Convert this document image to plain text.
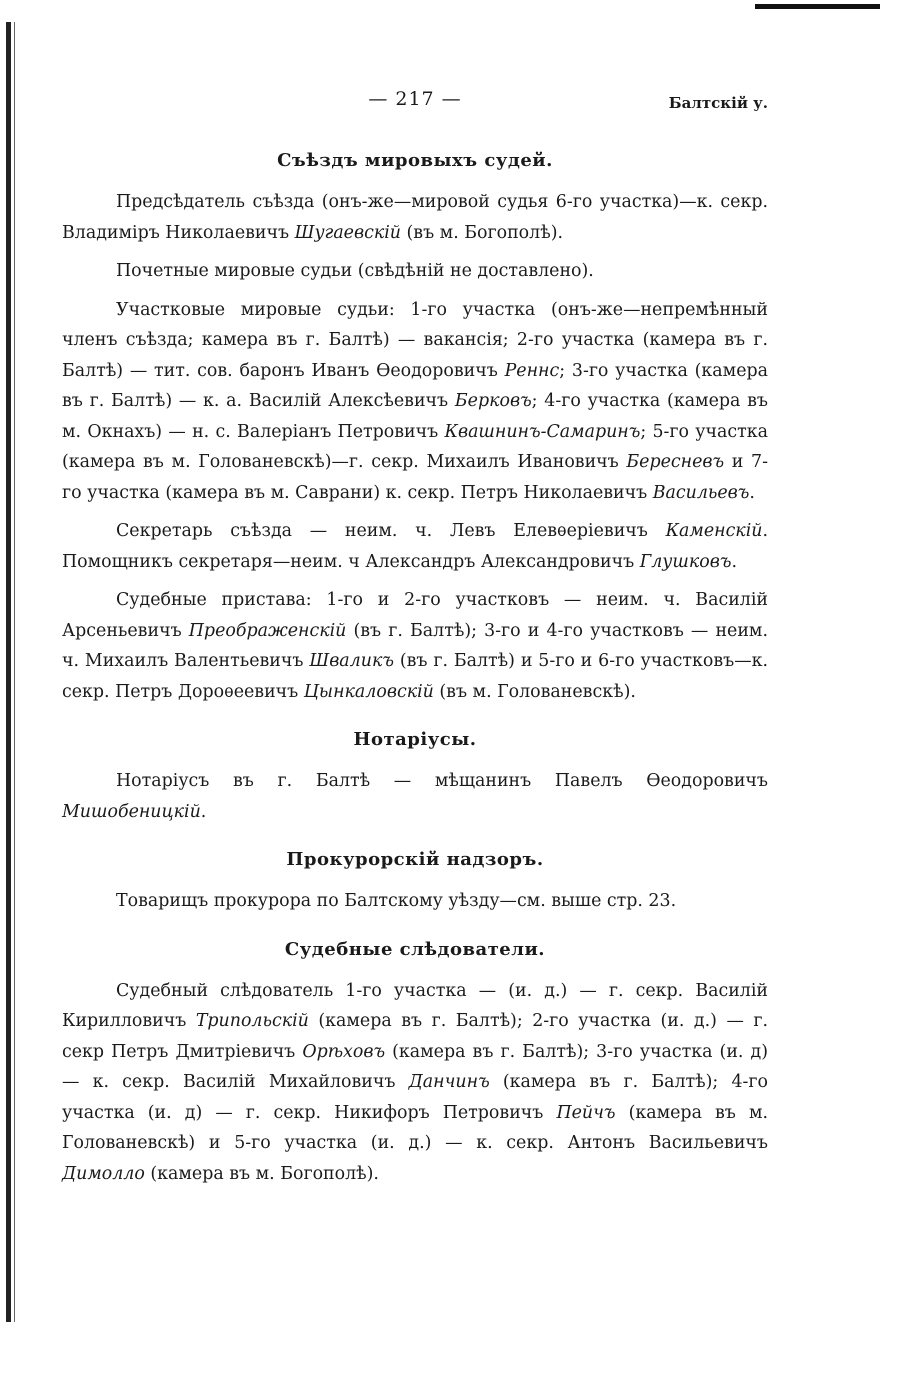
— 217 —	Балтскій у.
Съѣздъ мировыхъ судей.

Предсѣдатель съѣзда (онъ-же—мировой судья 6-го участка)—к. секр. Владиміръ Николаевичъ Шугаевскій (въ м. Богополѣ).

Почетные мировые судьи (свѣдѣній не доставлено).

Участковые мировые судьи: 1-го участка (онъ-же—непремѣнный членъ съѣзда; камера въ г. Балтѣ) — вакансія; 2-го участка (камера въ г. Балтѣ) — тит. сов. баронъ Иванъ Ѳеодоровичъ Реннс; 3-го участка (камера въ г. Балтѣ) — к. а. Василій Алексѣевичъ Берковъ; 4-го участка (камера въ м. Окнахъ) — н. с. Валеріанъ Петровичъ Квашнинъ-Самаринъ; 5-го участка (камера въ м. Голованевскѣ)—г. секр. Михаилъ Ивановичъ Бересневъ и 7-го участка (камера въ м. Саврани) к. секр. Петръ Николаевичъ Васильевъ.

Секретарь съѣзда — неим. ч. Левъ Елевѳеріевичъ Каменскій. Помощникъ секретаря—неим. ч Александръ Александровичъ Глушковъ.

Судебные пристава: 1-го и 2-го участковъ — неим. ч. Василій Арсеньевичъ Преображенскій (въ г. Балтѣ); 3-го и 4-го участковъ — неим. ч. Михаилъ Валентьевичъ Шваликъ (въ г. Балтѣ) и 5-го и 6-го участковъ—к. секр. Петръ Дороѳеевичъ Цынкаловскій (въ м. Голованевскѣ).

Нотаріусы.

Нотаріусъ въ г. Балтѣ — мѣщанинъ Павелъ Ѳеодоровичъ Мишобеницкій.

Прокурорскій надзоръ.

Товарищъ прокурора по Балтскому уѣзду—см. выше стр. 23.

Судебные слѣдователи.

Судебный слѣдователь 1-го участка — (и. д.) — г. секр. Василій Кирилловичъ Трипольскій (камера въ г. Балтѣ); 2-го участка (и. д.) — г. секр Петръ Дмитріевичъ Орѣховъ (камера въ г. Балтѣ); 3-го участка (и. д) — к. секр. Василій Михайловичъ Данчинъ (камера въ г. Балтѣ); 4-го участка (и. д) — г. секр. Никифоръ Петровичъ Пейчъ (камера въ м. Голованевскѣ) и 5-го участка (и. д.) — к. секр. Антонъ Васильевичъ Димолло (камера въ м. Богополѣ).
